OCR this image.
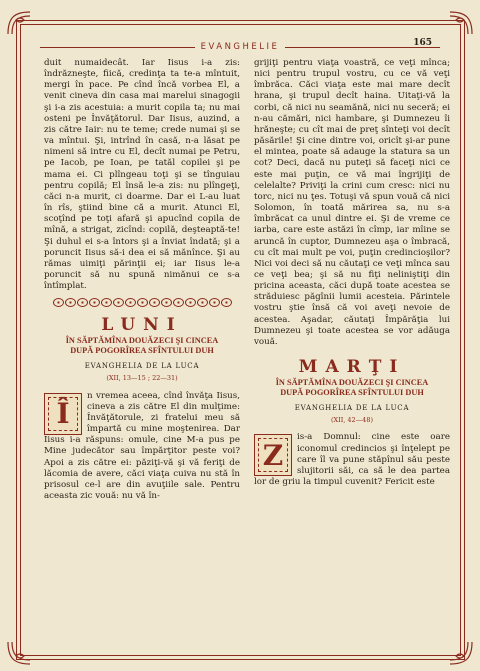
EVANGHELIE	165

duit numaidecât. Iar Iisus i-a zis: îndrăzneşte, fiică, credinţa ta te-a mîntuit, mergi în pace. Pe cînd încă vorbea El, a venit cineva din casa mai marelui sinagogii şi i-a zis acestuia: a murit copila ta; nu mai osteni pe Învăţătorul. Dar Iisus, auzind, a zis către Iair: nu te teme; crede numai şi se va mîntui. Şi, intrînd în casă, n-a lăsat pe nimeni să intre cu El, decît numai pe Petru, pe Iacob, pe Ioan, pe tatăl copilei şi pe mama ei. Ci plîngeau toţi şi se tînguiau pentru copilă; El însă le-a zis: nu plîngeţi, căci n-a murit, ci doarme. Dar ei L-au luat în rîs, ştiind bine că a murit. Atunci El, scoţînd pe toţi afară şi apucînd copila de mînă, a strigat, zicînd: copilă, deşteaptă-te! Şi duhul ei s-a întors şi a înviat îndată; şi a poruncit Iisus să-i dea ei să mănînce. Şi au rămas uimiţi părinţii ei; iar Iisus le-a poruncit să nu spună nimănui ce s-a întîmplat.

LUNI
ÎN SĂPTĂMÎNA DOUĂZECI ŞI CINCEA
DUPĂ POGORÎREA SFÎNTULUI DUH
EVANGHELIA DE LA LUCA
(XII, 13—15 ; 22—31)
Î

n vremea aceea, cînd învăţa Iisus, cineva a zis către El din mulţime: Învăţătorule, zi fratelui meu să împartă cu mine moştenirea. Dar Iisus i-a răspuns: omule, cine M-a pus pe Mine judecător sau împărţitor peste voi? Apoi a zis către ei: păziţi-vă şi vă feriţi de lăcomia de avere, căci viaţa cuiva nu stă în prisosul ce-l are din avuţiile sale. Pentru aceasta zic vouă: nu vă în-

grijiţi pentru viaţa voastră, ce veţi mînca; nici pentru trupul vostru, cu ce vă veţi îmbrăca. Căci viaţa este mai mare decît hrana, şi trupul decît haina. Uitaţi-vă la corbi, că nici nu seamănă, nici nu seceră; ei n-au cămări, nici hambare, şi Dumnezeu îi hrăneşte; cu cît mai de preţ sînteţi voi decît păsările! Şi cine dintre voi, oricît şi-ar pune el mintea, poate să adauge la statura sa un cot? Deci, dacă nu puteţi să faceţi nici ce este mai puţin, ce vă mai îngrijiţi de celelalte? Priviţi la crini cum cresc: nici nu torc, nici nu ţes. Totuşi vă spun vouă că nici Solomon, în toată mărirea sa, nu s-a îmbrăcat ca unul dintre ei. Şi de vreme ce iarba, care este astăzi în cîmp, iar mîine se aruncă în cuptor, Dumnezeu aşa o îmbracă, cu cît mai mult pe voi, puţin credincioşilor? Nici voi deci să nu căutaţi ce veţi mînca sau ce veţi bea; şi să nu fiţi neliniştiţi din pricina aceasta, căci după toate acestea se străduiesc păgînii lumii acesteia. Părintele vostru ştie însă că voi aveţi nevoie de acestea. Aşadar, căutaţi Împărăţia lui Dumnezeu şi toate acestea se vor adăuga vouă.

MARŢI
ÎN SĂPTĂMÎNA DOUĂZECI ŞI CINCEA
DUPĂ POGORÎREA SFÎNTULUI DUH
EVANGHELIA DE LA LUCA
(XII, 42—48)
Z

is-a Domnul: cine este oare iconomul credincios şi înţelept pe care îl va pune stăpînul său peste slujitorii săi, ca să le dea partea lor de griu la timpul cuvenit? Fericit este
